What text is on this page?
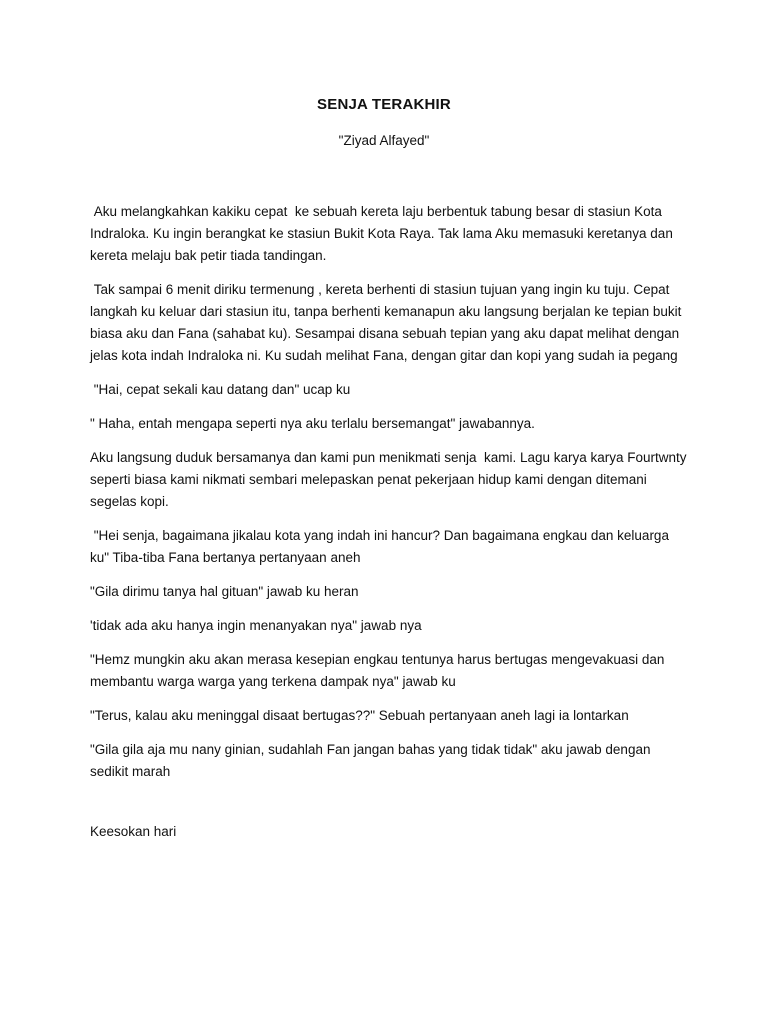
SENJA TERAKHIR
"Ziyad Alfayed"

Aku melangkahkan kakiku cepat  ke sebuah kereta laju berbentuk tabung besar di stasiun Kota Indraloka. Ku ingin berangkat ke stasiun Bukit Kota Raya. Tak lama Aku memasuki keretanya dan kereta melaju bak petir tiada tandingan.

Tak sampai 6 menit diriku termenung , kereta berhenti di stasiun tujuan yang ingin ku tuju. Cepat langkah ku keluar dari stasiun itu, tanpa berhenti kemanapun aku langsung berjalan ke tepian bukit biasa aku dan Fana (sahabat ku). Sesampai disana sebuah tepian yang aku dapat melihat dengan jelas kota indah Indraloka ni. Ku sudah melihat Fana, dengan gitar dan kopi yang sudah ia pegang

"Hai, cepat sekali kau datang dan" ucap ku

" Haha, entah mengapa seperti nya aku terlalu bersemangat" jawabannya.

Aku langsung duduk bersamanya dan kami pun menikmati senja  kami. Lagu karya karya Fourtwnty seperti biasa kami nikmati sembari melepaskan penat pekerjaan hidup kami dengan ditemani segelas kopi.

"Hei senja, bagaimana jikalau kota yang indah ini hancur? Dan bagaimana engkau dan keluarga ku" Tiba-tiba Fana bertanya pertanyaan aneh

"Gila dirimu tanya hal gituan" jawab ku heran

'tidak ada aku hanya ingin menanyakan nya" jawab nya

"Hemz mungkin aku akan merasa kesepian engkau tentunya harus bertugas mengevakuasi dan membantu warga warga yang terkena dampak nya" jawab ku

"Terus, kalau aku meninggal disaat bertugas??" Sebuah pertanyaan aneh lagi ia lontarkan

"Gila gila aja mu nany ginian, sudahlah Fan jangan bahas yang tidak tidak" aku jawab dengan sedikit marah

Keesokan hari
